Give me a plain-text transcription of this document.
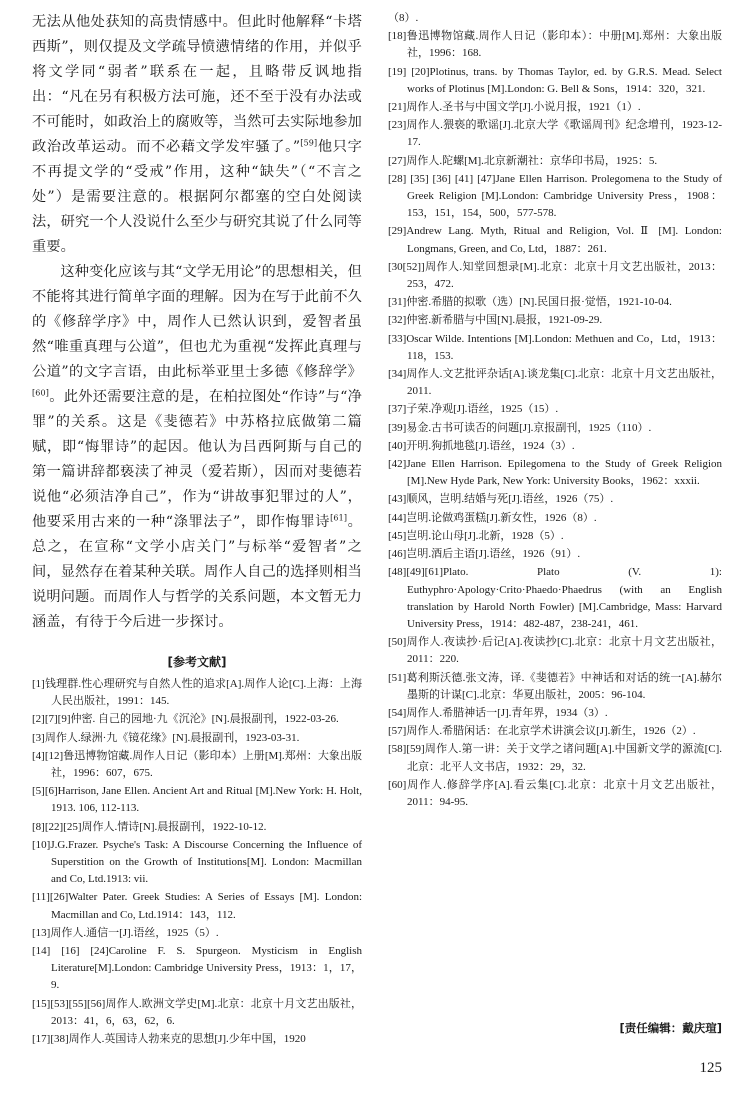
无法从他处获知的高贵情感中。但此时他解释“卡塔西斯”，则仅提及文学疏导愤懑情绪的作用，并似乎将文学同“弱者”联系在一起，且略带反讽地指出：“凡在另有积极方法可施，还不至于没有办法或不可能时，如政治上的腐败等，当然可去实际地参加政治改革运动。而不必藉文学发牢骚了。”[59]他只字不再提文学的“受戒”作用，这种“缺失”（“不言之处”）是需要注意的。根据阿尔都塞的空白处阅读法，研究一个人没说什么至少与研究其说了什么同等重要。

这种变化应该与其“文学无用论”的思想相关，但不能将其进行简单字面的理解。因为在写于此前不久的《修辞学序》中，周作人已然认识到，爱智者虽然“唯重真理与公道”，但也尤为重视“发挥此真理与公道”的文字言语，由此标举亚里士多德《修辞学》[60]。此外还需要注意的是，在柏拉图处“作诗”与“净罪”的关系。这是《斐德若》中苏格拉底做第二篇赋，即“悔罪诗”的起因。他认为吕西阿斯与自己的第一篇讲辞都亵渎了神灵（爱若斯），因而对斐德若说他“必须洁净自己”，作为“讲故事犯罪过的人”，他要采用古来的一种“涤罪法子”，即作悔罪诗[61]。总之，在宣称“文学小店关门”与标举“爱智者”之间，显然存在着某种关联。周作人自己的选择则相当说明问题。而周作人与哲学的关系问题，本文暂无力涵盖，有待于今后进一步探讨。

[参考文献]

[1]钱理群.性心理研究与自然人性的追求[A].周作人论[C].上海：上海人民出版社，1991：145.

[2][7][9]仲密. 自己的园地·九《沉沦》[N].晨报副刊，1922-03-26.

[3]周作人.绿洲·九《镜花缘》[N].晨报副刊，1923-03-31.

[4][12]鲁迅博物馆藏.周作人日记（影印本）上册[M].郑州：大象出版社，1996：607，675.

[5][6]Harrison, Jane Ellen. Ancient Art and Ritual [M].New York: H. Holt, 1913. 106, 112-113.

[8][22][25]周作人.情诗[N].晨报副刊，1922-10-12.

[10]J.G.Frazer. Psyche's Task: A Discourse Concerning the Influence of Superstition on the Growth of Institutions[M]. London: Macmillan and Co, Ltd.1913: vii.

[11][26]Walter Pater. Greek Studies: A Series of Essays [M]. London: Macmillan and Co, Ltd.1914：143，112.

[13]周作人.通信一[J].语丝，1925（5）.

[14] [16] [24]Caroline F. S. Spurgeon. Mysticism in English Literature[M].London: Cambridge University Press，1913：1，17，9.

[15][53][55][56]周作人.欧洲文学史[M].北京：北京十月文艺出版社，2013：41，6，63，62，6.

[17][38]周作人.英国诗人勃来克的思想[J].少年中国，1920

（8）.

[18]鲁迅博物馆藏.周作人日记（影印本）：中册[M].郑州：大象出版社，1996：168.

[19] [20]Plotinus, trans. by Thomas Taylor, ed. by G.R.S. Mead. Select works of Plotinus [M].London: G. Bell & Sons，1914：320，321.

[21]周作人.圣书与中国文学[J].小说月报，1921（1）.

[23]周作人.猥亵的歌谣[J].北京大学《歌谣周刊》纪念增刊，1923-12-17.

[27]周作人.陀螺[M].北京新潮社：京华印书局，1925：5.

[28] [35] [36] [41] [47]Jane Ellen Harrison. Prolegomena to the Study of Greek Religion [M].London: Cambridge University Press，1908：153，151，154，500，577-578.

[29]Andrew Lang. Myth, Ritual and Religion, Vol. Ⅱ [M]. London: Longmans, Green, and Co, Ltd，1887：261.

[30[52]]周作人.知堂回想录[M].北京：北京十月文艺出版社，2013：253，472.

[31]仲密.希腊的拟歌（选）[N].民国日报·觉悟，1921-10-04.

[32]仲密.新希腊与中国[N].晨报，1921-09-29.

[33]Oscar Wilde. Intentions [M].London: Methuen and Co，Ltd，1913：118，153.

[34]周作人.文艺批评杂话[A].谈龙集[C].北京：北京十月文艺出版社，2011.

[37]子荣.净观[J].语丝，1925（15）.

[39]易金.古书可读否的问题[J].京报副刊，1925（110）.

[40]开明.狗抓地毯[J].语丝，1924（3）.

[42]Jane Ellen Harrison. Epilegomena to the Study of Greek Religion [M].New Hyde Park, New York: University Books，1962：xxxii.

[43]顺风，岂明.结婚与死[J].语丝，1926（75）.

[44]岂明.论做鸡蛋糕[J].新女性，1926（8）.

[45]岂明.论山母[J].北新，1928（5）.

[46]岂明.酒后主语[J].语丝，1926（91）.

[48][49][61]Plato. Plato (V. 1): Euthyphro·Apology·Crito·Phaedo·Phaedrus (with an English translation by Harold North Fowler) [M].Cambridge, Mass: Harvard University Press，1914：482-487，238-241，461.

[50]周作人.夜读抄·后记[A].夜读抄[C].北京：北京十月文艺出版社，2011：220.

[51]葛利斯沃德.张文涛，译.《斐德若》中神话和对话的统一[A].赫尔墨斯的计谋[C].北京：华夏出版社，2005：96-104.

[54]周作人.希腊神话一[J].青年界，1934（3）.

[57]周作人.希腊闲话：在北京学术讲演会议[J].新生，1926（2）.

[58][59]周作人.第一讲：关于文学之诸问题[A].中国新文学的源流[C].北京：北平人文书店，1932：29，32.

[60]周作人.修辞学序[A].看云集[C].北京：北京十月文艺出版社，2011：94-95.

[责任编辑：戴庆瑄]
125
